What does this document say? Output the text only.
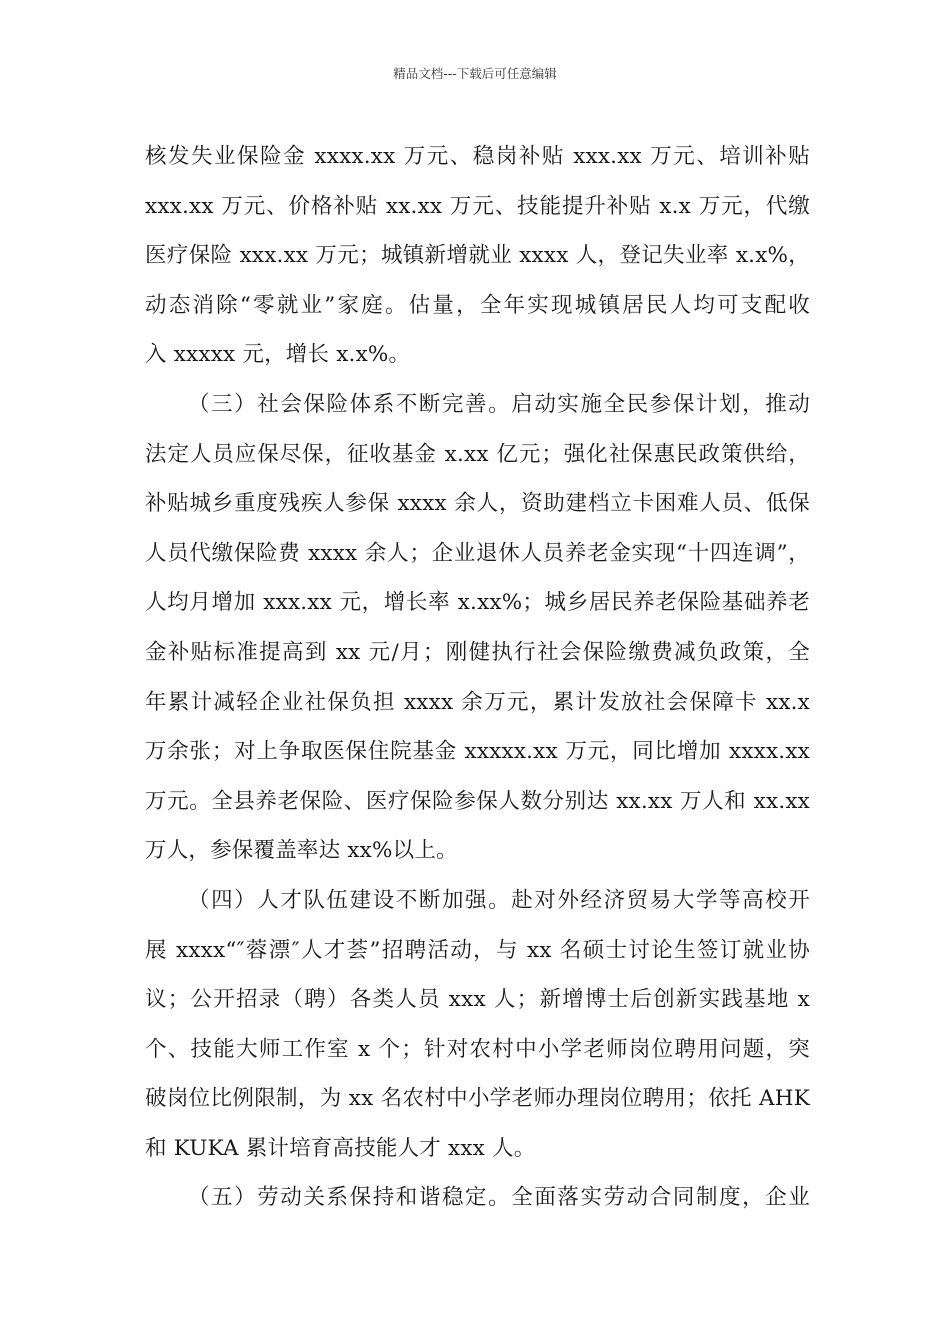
精品文档---下载后可任意编辑
核发失业保险金 xxxx.xx 万元、稳岗补贴 xxx.xx 万元、培训补贴
xxx.xx 万元、价格补贴 xx.xx 万元、技能提升补贴 x.x 万元，代缴
医疗保险 xxx.xx 万元；城镇新增就业 xxxx 人，登记失业率 x.x%，
动态消除“零就业”家庭。估量，全年实现城镇居民人均可支配收
入 xxxxx 元，增长 x.x%。
（三）社会保险体系不断完善。启动实施全民参保计划，推动
法定人员应保尽保，征收基金 x.xx 亿元；强化社保惠民政策供给，
补贴城乡重度残疾人参保 xxxx 余人，资助建档立卡困难人员、低保
人员代缴保险费 xxxx 余人；企业退休人员养老金实现“十四连调”，
人均月增加 xxx.xx 元，增长率 x.xx%；城乡居民养老保险基础养老
金补贴标准提高到 xx 元/月；刚健执行社会保险缴费减负政策，全
年累计减轻企业社保负担 xxxx 余万元，累计发放社会保障卡 xx.x
万余张；对上争取医保住院基金 xxxxx.xx 万元，同比增加 xxxx.xx
万元。全县养老保险、医疗保险参保人数分别达 xx.xx 万人和 xx.xx
万人，参保覆盖率达 xx%以上。
（四）人才队伍建设不断加强。赴对外经济贸易大学等高校开
展 xxxx“″蓉漂″人才荟”招聘活动，与 xx 名硕士讨论生签订就业协
议；公开招录（聘）各类人员 xxx 人；新增博士后创新实践基地 x
个、技能大师工作室 x 个；针对农村中小学老师岗位聘用问题，突
破岗位比例限制，为 xx 名农村中小学老师办理岗位聘用；依托 AHK
和 KUKA 累计培育高技能人才 xxx 人。
（五）劳动关系保持和谐稳定。全面落实劳动合同制度，企业
